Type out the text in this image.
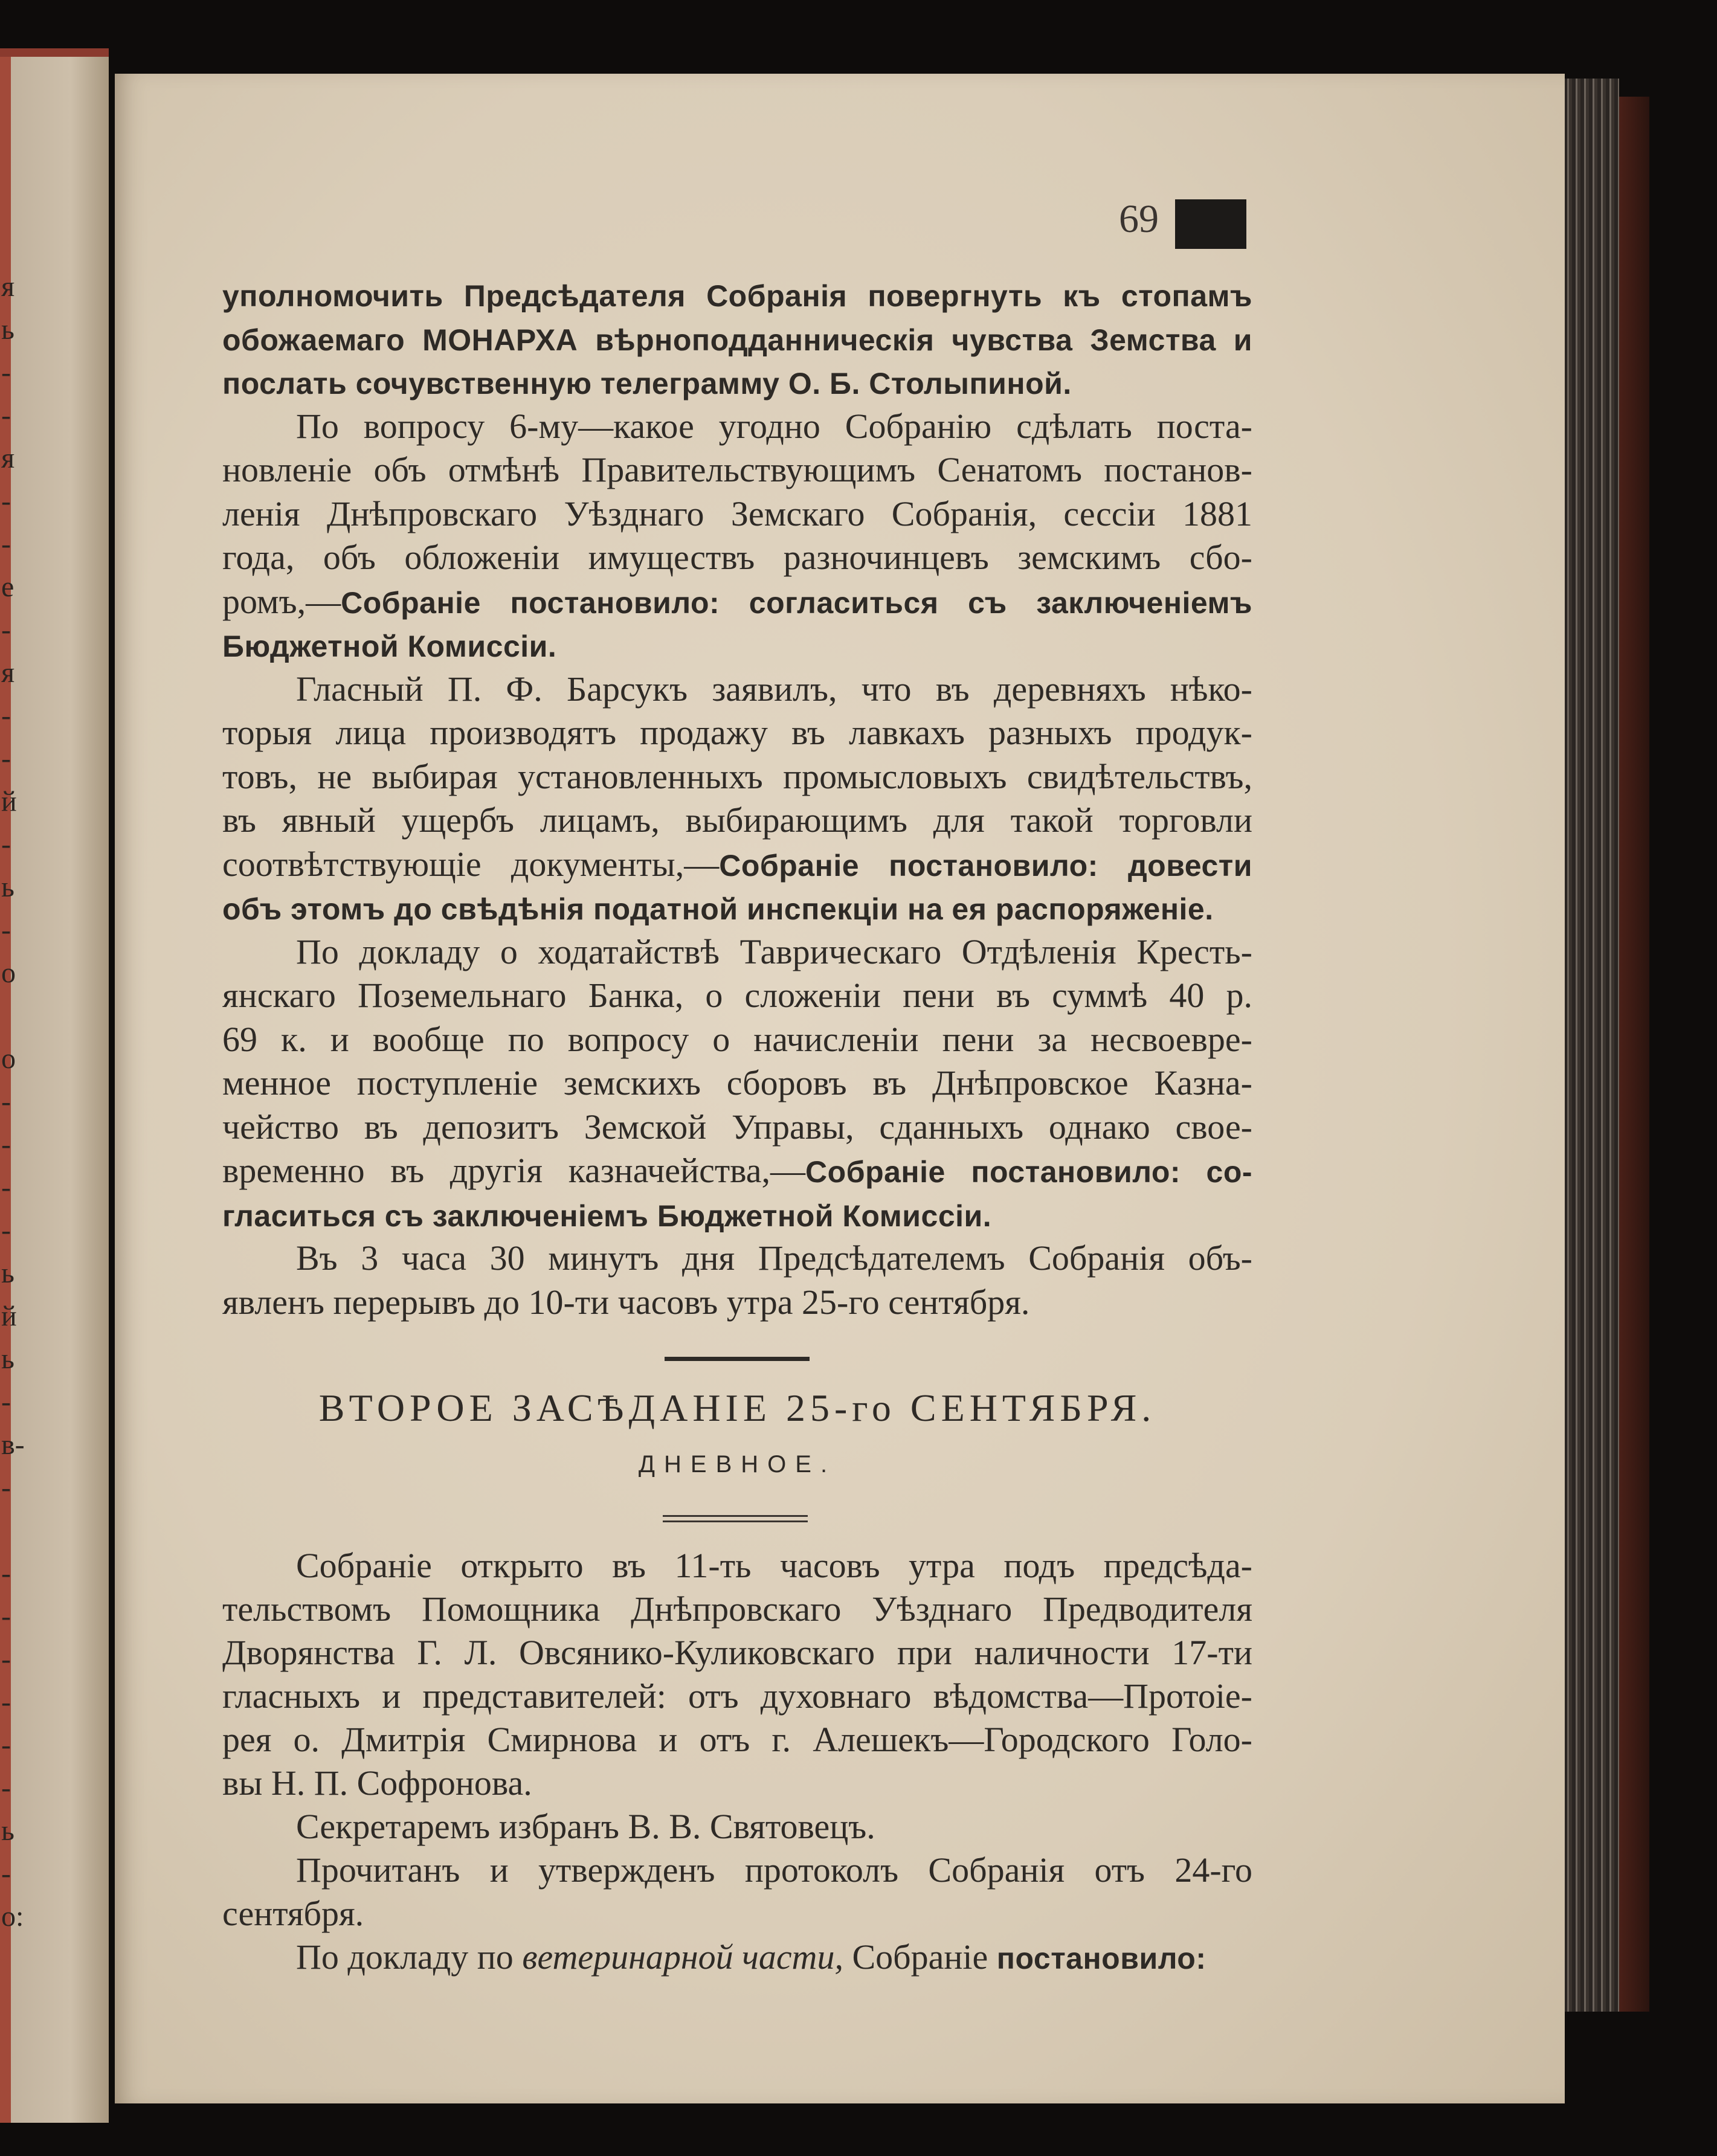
я
ь
-
-
я
-
-
е
-
я
-
-
й
-
ь
-
о
о
-
-
-
-
ь
й
ь
-
в-
-
-
-
-
-
-
-
ь
-
о:
69
уполномочить Предсѣдателя Собранія повергнуть къ стопамъ
обожаемаго МОНАРХА вѣрноподданническія чувства Земства и
послать сочувственную телеграмму О. Б. Столыпиной.
По вопросу 6-му—какое угодно Собранію сдѣлать поста-
новленіе объ отмѣнѣ Правительствующимъ Сенатомъ постанов-
ленія Днѣпровскаго Уѣзднаго Земскаго Собранія, сессіи 1881
года, объ обложеніи имуществъ разночинцевъ земскимъ сбо-
ромъ,—Собраніе постановило: согласиться съ заключеніемъ
Бюджетной Комиссіи.
Гласный П. Ф. Барсукъ заявилъ, что въ деревняхъ нѣко-
торыя лица производятъ продажу въ лавкахъ разныхъ продук-
товъ, не выбирая установленныхъ промысловыхъ свидѣтельствъ,
въ явный ущербъ лицамъ, выбирающимъ для такой торговли
соотвѣтствующіе документы,—Собраніе постановило: довести
объ этомъ до свѣдѣнія податной инспекціи на ея распоряженіе.
По докладу о ходатайствѣ Таврическаго Отдѣленія Кресть-
янскаго Поземельнаго Банка, о сложеніи пени въ суммѣ 40 р.
69 к. и вообще по вопросу о начисленіи пени за несвоевре-
менное поступленіе земскихъ сборовъ въ Днѣпровское Казна-
чейство въ депозитъ Земской Управы, сданныхъ однако свое-
временно въ другія казначейства,—Собраніе постановило: со-
гласиться съ заключеніемъ Бюджетной Комиссіи.
Въ 3 часа 30 минутъ дня Предсѣдателемъ Собранія объ-
явленъ перерывъ до 10-ти часовъ утра 25-го сентября.
ВТОРОЕ ЗАСѢДАНІЕ 25-го СЕНТЯБРЯ.
ДНЕВНОЕ.
Собраніе открыто въ 11-ть часовъ утра подъ предсѣда-
тельствомъ Помощника Днѣпровскаго Уѣзднаго Предводителя
Дворянства Г. Л. Овсянико-Куликовскаго при наличности 17-ти
гласныхъ и представителей: отъ духовнаго вѣдомства—Протоіе-
рея о. Дмитрія Смирнова и отъ г. Алешекъ—Городского Голо-
вы Н. П. Софронова.
Секретаремъ избранъ В. В. Святовецъ.
Прочитанъ и утвержденъ протоколъ Собранія отъ 24-го
сентября.
По докладу по ветеринарной части, Собраніе постановило:
